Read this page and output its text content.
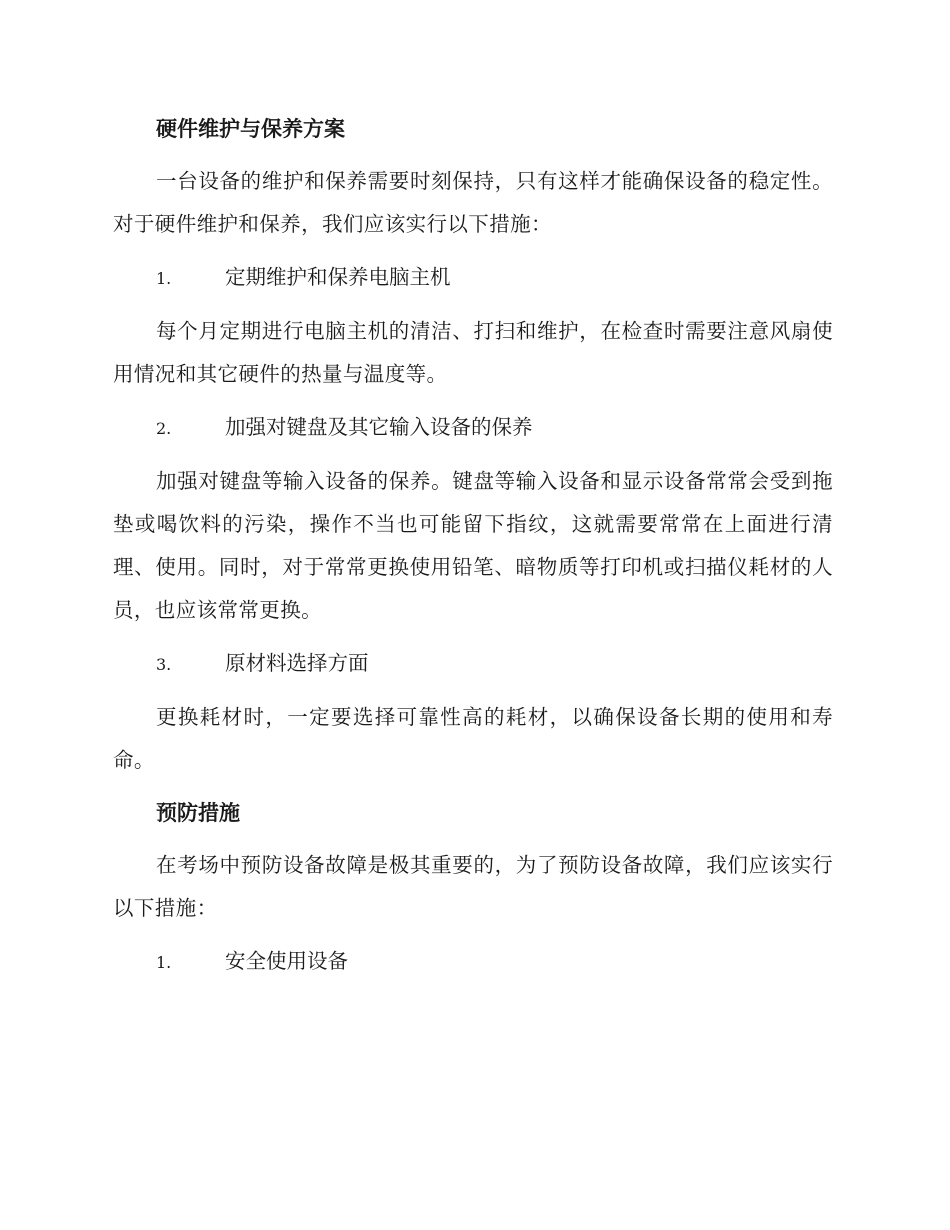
硬件维护与保养方案

一台设备的维护和保养需要时刻保持，只有这样才能确保设备的稳定性。对于硬件维护和保养，我们应该实行以下措施：

1.	定期维护和保养电脑主机

每个月定期进行电脑主机的清洁、打扫和维护，在检查时需要注意风扇使用情况和其它硬件的热量与温度等。

2.	加强对键盘及其它输入设备的保养

加强对键盘等输入设备的保养。键盘等输入设备和显示设备常常会受到拖垫或喝饮料的污染，操作不当也可能留下指纹，这就需要常常在上面进行清理、使用。同时，对于常常更换使用铅笔、暗物质等打印机或扫描仪耗材的人员，也应该常常更换。

3.	原材料选择方面

更换耗材时，一定要选择可靠性高的耗材，以确保设备长期的使用和寿命。

预防措施

在考场中预防设备故障是极其重要的，为了预防设备故障，我们应该实行以下措施：

1.	安全使用设备
